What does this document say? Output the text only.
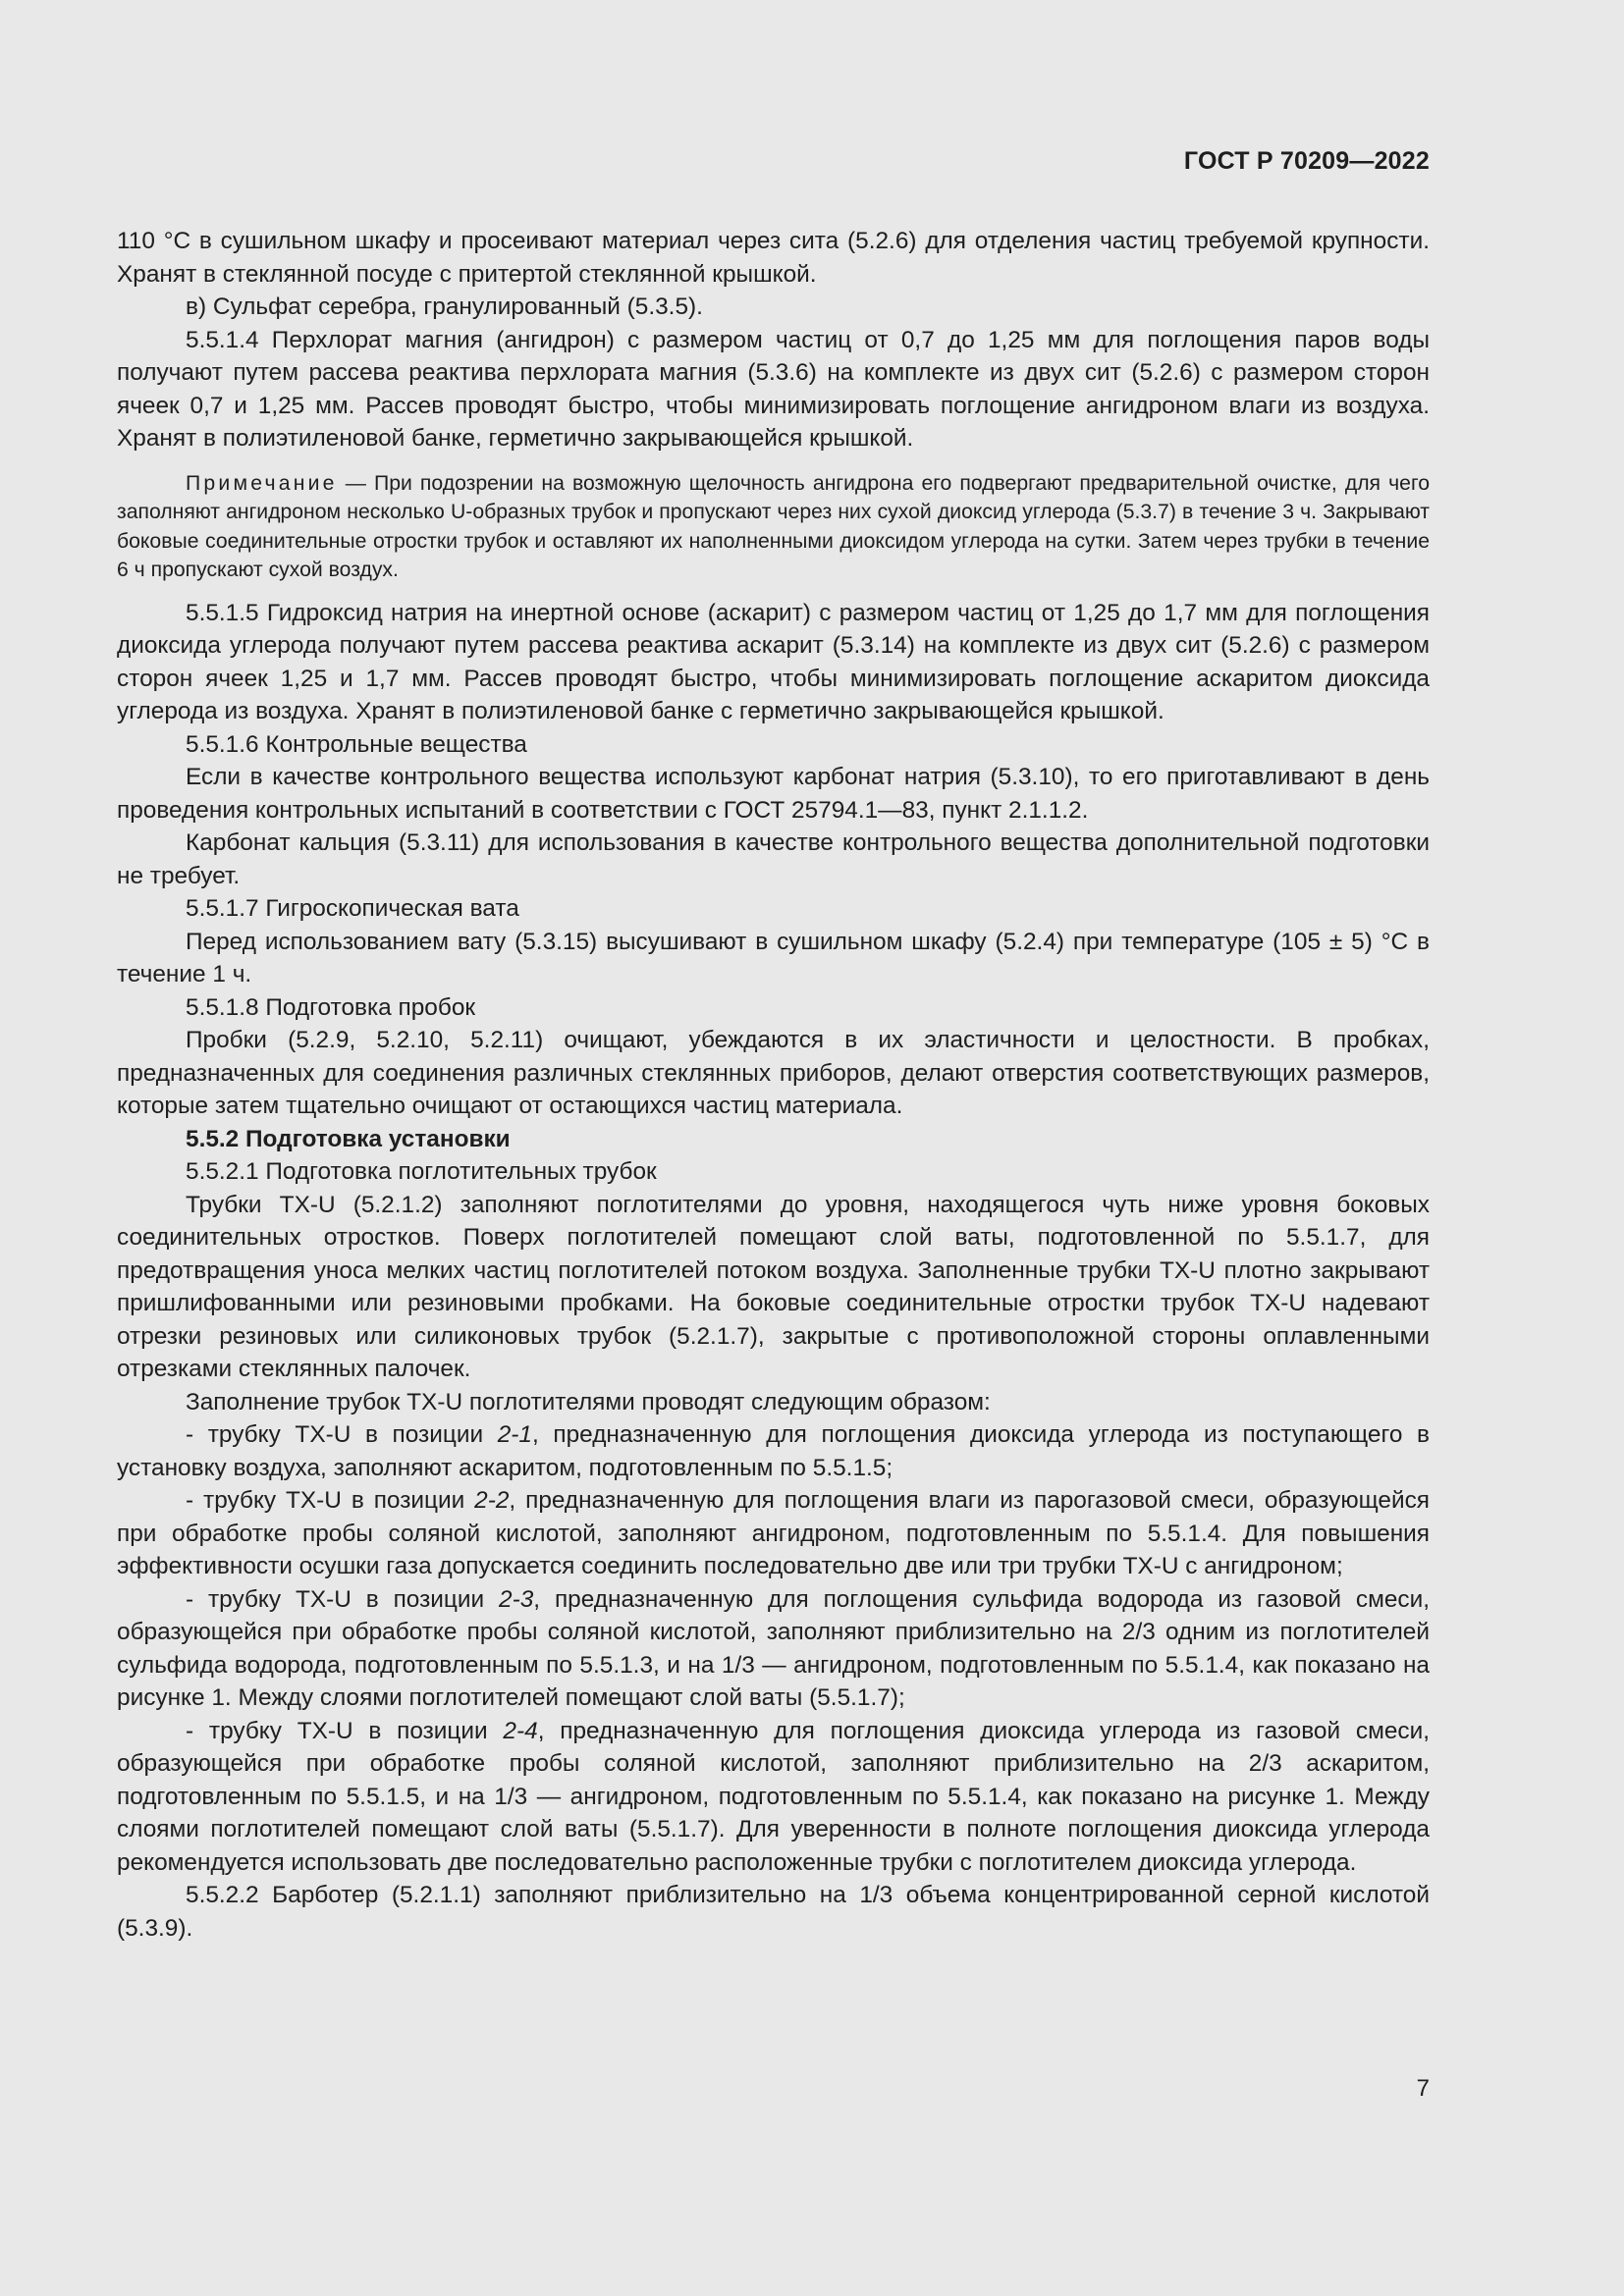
ГОСТ Р 70209—2022

110 °С в сушильном шкафу и просеивают материал через сита (5.2.6) для отделения частиц требуемой крупности. Хранят в стеклянной посуде с притертой стеклянной крышкой.

в) Сульфат серебра, гранулированный (5.3.5).

5.5.1.4 Перхлорат магния (ангидрон) с размером частиц от 0,7 до 1,25 мм для поглощения паров воды получают путем рассева реактива перхлората магния (5.3.6) на комплекте из двух сит (5.2.6) с размером сторон ячеек 0,7 и 1,25 мм. Рассев проводят быстро, чтобы минимизировать поглощение ангидроном влаги из воздуха. Хранят в полиэтиленовой банке, герметично закрывающейся крышкой.

Примечание — При подозрении на возможную щелочность ангидрона его подвергают предварительной очистке, для чего заполняют ангидроном несколько U-образных трубок и пропускают через них сухой диоксид углерода (5.3.7) в течение 3 ч. Закрывают боковые соединительные отростки трубок и оставляют их наполненными диоксидом углерода на сутки. Затем через трубки в течение 6 ч пропускают сухой воздух.

5.5.1.5 Гидроксид натрия на инертной основе (аскарит) с размером частиц от 1,25 до 1,7 мм для поглощения диоксида углерода получают путем рассева реактива аскарит (5.3.14) на комплекте из двух сит (5.2.6) с размером сторон ячеек 1,25 и 1,7 мм. Рассев проводят быстро, чтобы минимизировать поглощение аскаритом диоксида углерода из воздуха. Хранят в полиэтиленовой банке с герметично закрывающейся крышкой.

5.5.1.6 Контрольные вещества

Если в качестве контрольного вещества используют карбонат натрия (5.3.10), то его приготавливают в день проведения контрольных испытаний в соответствии с ГОСТ 25794.1—83, пункт 2.1.1.2.

Карбонат кальция (5.3.11) для использования в качестве контрольного вещества дополнительной подготовки не требует.

5.5.1.7 Гигроскопическая вата

Перед использованием вату (5.3.15) высушивают в сушильном шкафу (5.2.4) при температуре (105 ± 5) °С в течение 1 ч.

5.5.1.8 Подготовка пробок

Пробки (5.2.9, 5.2.10, 5.2.11) очищают, убеждаются в их эластичности и целостности. В пробках, предназначенных для соединения различных стеклянных приборов, делают отверстия соответствующих размеров, которые затем тщательно очищают от остающихся частиц материала.

5.5.2 Подготовка установки

5.5.2.1 Подготовка поглотительных трубок

Трубки ТХ-U (5.2.1.2) заполняют поглотителями до уровня, находящегося чуть ниже уровня боковых соединительных отростков. Поверх поглотителей помещают слой ваты, подготовленной по 5.5.1.7, для предотвращения уноса мелких частиц поглотителей потоком воздуха. Заполненные трубки ТХ-U плотно закрывают пришлифованными или резиновыми пробками. На боковые соединительные отростки трубок ТХ-U надевают отрезки резиновых или силиконовых трубок (5.2.1.7), закрытые с противоположной стороны оплавленными отрезками стеклянных палочек.

Заполнение трубок ТХ-U поглотителями проводят следующим образом:

- трубку ТХ-U в позиции 2-1, предназначенную для поглощения диоксида углерода из поступающего в установку воздуха, заполняют аскаритом, подготовленным по 5.5.1.5;

- трубку ТХ-U в позиции 2-2, предназначенную для поглощения влаги из парогазовой смеси, образующейся при обработке пробы соляной кислотой, заполняют ангидроном, подготовленным по 5.5.1.4. Для повышения эффективности осушки газа допускается соединить последовательно две или три трубки ТХ-U с ангидроном;

- трубку ТХ-U в позиции 2-3, предназначенную для поглощения сульфида водорода из газовой смеси, образующейся при обработке пробы соляной кислотой, заполняют приблизительно на 2/3 одним из поглотителей сульфида водорода, подготовленным по 5.5.1.3, и на 1/3 — ангидроном, подготовленным по 5.5.1.4, как показано на рисунке 1. Между слоями поглотителей помещают слой ваты (5.5.1.7);

- трубку ТХ-U в позиции 2-4, предназначенную для поглощения диоксида углерода из газовой смеси, образующейся при обработке пробы соляной кислотой, заполняют приблизительно на 2/3 аскаритом, подготовленным по 5.5.1.5, и на 1/3 — ангидроном, подготовленным по 5.5.1.4, как показано на рисунке 1. Между слоями поглотителей помещают слой ваты (5.5.1.7). Для уверенности в полноте поглощения диоксида углерода рекомендуется использовать две последовательно расположенные трубки с поглотителем диоксида углерода.

5.5.2.2 Барботер (5.2.1.1) заполняют приблизительно на 1/3 объема концентрированной серной кислотой (5.3.9).

7
